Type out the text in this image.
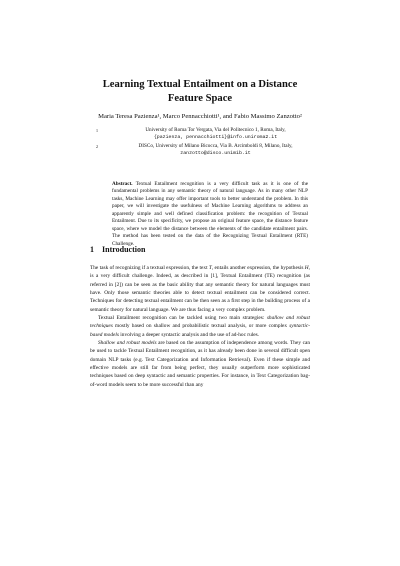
Learning Textual Entailment on a Distance
Feature Space
Maria Teresa Pazienza¹, Marco Pennacchiotti¹, and Fabio Massimo Zanzotto²
1	University of Roma Tor Vergata, Via del Politecnico 1, Roma, Italy,
{pazienza, pennacchiotti}@info.uniroma2.it
2	DISCo, University of Milano Bicocca, Via B. Arcimboldi 8, Milano, Italy,
zanzotto@disco.unimib.it
Abstract. Textual Entailment recognition is a very difficult task as it is one of the fundamental problems in any semantic theory of natural language. As in many other NLP tasks, Machine Learning may offer important tools to better understand the problem. In this paper, we will investigate the usefulness of Machine Learning algorithms to address an apparently simple and well defined classification problem: the recognition of Textual Entailment. Due to its specificity, we propose an original feature space, the distance feature space, where we model the distance between the elements of the candidate entailment pairs. The method has been tested on the data of the Recognizing Textual Entailment (RTE) Challenge.
1 Introduction

The task of recognizing if a textual expression, the text T, entails another expression, the hypothesis H, is a very difficult challenge. Indeed, as described in [1], Textual Entailment (TE) recognition (as referred in [2]) can be seen as the basic ability that any semantic theory for natural languages must have. Only those semantic theories able to detect textual entailment can be considered correct. Techniques for detecting textual entailment can be then seen as a first step in the building process of a semantic theory for natural language. We are thus facing a very complex problem.

Textual Entailment recognition can be tackled using two main strategies: shallow and robust techniques mostly based on shallow and probabilistic textual analysis, or more complex syntactic-based models involving a deeper syntactic analysis and the use of ad-hoc rules.

Shallow and robust models are based on the assumption of independence among words. They can be used to tackle Textual Entailment recognition, as it has already been done in several difficult open domain NLP tasks (e.g. Text Categorization and Information Retrieval). Even if these simple and effective models are still far from being perfect, they usually outperform more sophisticated techniques based on deep syntactic and semantic properties. For instance, in Text Categorization bag-of-word models seem to be more successful than any
